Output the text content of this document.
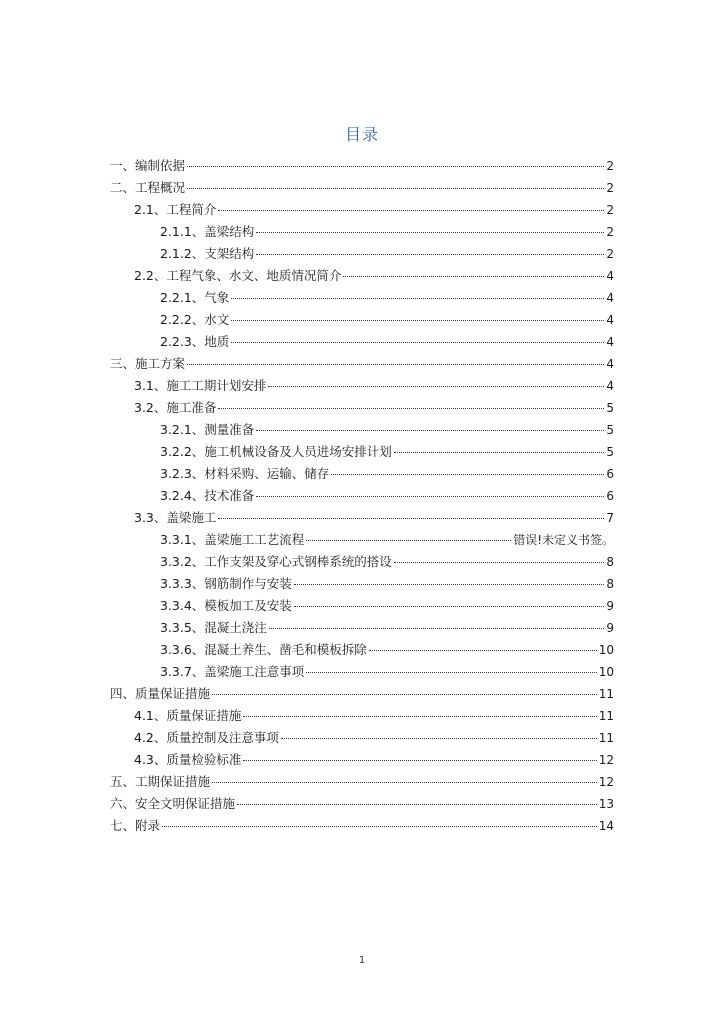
目录
一、编制依据	2
二、工程概况	2
2.1、工程简介	2
2.1.1、盖梁结构	2
2.1.2、支架结构	2
2.2、工程气象、水文、地质情况简介	4
2.2.1、气象	4
2.2.2、水文	4
2.2.3、地质	4
三、施工方案	4
3.1、施工工期计划安排	4
3.2、施工准备	5
3.2.1、测量准备	5
3.2.2、施工机械设备及人员进场安排计划	5
3.2.3、材料采购、运输、储存	6
3.2.4、技术准备	6
3.3、盖梁施工	7
3.3.1、盖梁施工工艺流程	错误!未定义书签。
3.3.2、工作支架及穿心式钢棒系统的搭设	8
3.3.3、钢筋制作与安装	8
3.3.4、模板加工及安装	9
3.3.5、混凝土浇注	9
3.3.6、混凝土养生、凿毛和模板拆除	10
3.3.7、盖梁施工注意事项	10
四、质量保证措施	11
4.1、质量保证措施	11
4.2、质量控制及注意事项	11
4.3、质量检验标准	12
五、工期保证措施	12
六、安全文明保证措施	13
七、附录	14
1
